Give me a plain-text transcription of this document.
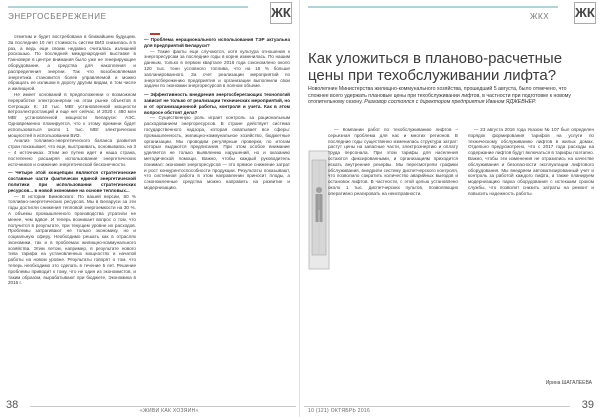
ЭНЕРГОСБЕРЕЖЕНИЕ	ЖК

отметим и будет востребована в ближайшем будущем. За последние 10 лет стоимость систем ВИЗ снизилась в 5 раз, а ведь еще своим недавно считалась излишней роскошью. По последней международной выставке в Ганновере в центре внимания было уже не генерирующее оборудование, а средства для накопления и распределения энергии. Так что возобновляемая энергетика становится более управляемой и можно обращать ее излишки в дорогу другим видам, в том числе и жилищной.

Не имеет оснований в предположении о возможном переработке электроэнергии на этом рынке объектов в Сетрощах К: 10 тыс. МВт установленной мощности ветроэлектростанций и еще нет сейчас. И 2020 г. 480 млн МВт установленной мощности Беларуси: АЭС. Одновременно планируется, что к этому времени будет использоваться около 1 тыс. МВт электрических мощностей в использовании ВИЗ.

Анализ топливно-энергетического баланса развития стран показывает, что еще, выстраивать, основываясь на 3 – 4 источниках. Этим же путем идет и наша страна, постепенно расширяя использование энергетических источников и снижение энергетической бесконечности.

— Четыре этой концепции являются стратегические составные части фактически единой энергетической политики при использовании стратегических ресурсов... в новой экономике на основе тепловых...

— В истории Бимовского: По вашей версии, 80 % топливно-энергетических ресурсов. Мы в Беларуси за эти годы достигли снижения тепловой энергоемкости на 30 %. А объемы промышленного производства утратили не менее, чем вдвое. И теперь возникает вопрос о том, что получится в результате, при текущем уровне их расходов. Проблемы затрагивают не только экономику, но и социальную сферу. Необходимо решать как в отраслях экономики, так и в проблемах жилищно-коммунального хозяйства. Этим летом, например, в результате нового типа тарифа на установленных мощностях и начатой работы на новом уровне. Результаты говорят о том, что теперь необходимо это сделать в течение 5 лет. Решение проблемы приводит к тому, что не один из экономистов, и таким образом, вырабатывают при бюджете, Экономика в 2016 г.

— Проблема нерационального использования ТЭР актуальна для предприятий Беларуси?

— Такие факты еще случаются, хотя культура отношения к энергоресурсам за последние годы в корне изменилась. По нашим данным, только в первом квартале 2016 года сэкономлено около 120 тыс. тонн условного топлива, что на 16 % больше запланированного. За счет реализации мероприятий по энергосбережению предприятия и организации выполнили свои задачи по экономии энергоресурсов в полном объеме.

— Эффективность внедрения энергосберегающих технологий зависит не только от реализации технических мероприятий, но и от организационной работы, контроля и учета. Как в этом вопросе обстоят дела?

— Существенную роль играет контроль за рациональным расходованием энергоресурсов. В стране действует система государственного надзора, которая охватывает все сферы: промышленность, жилищно-коммунальное хозяйство, бюджетные организации. Мы проводим регулярные проверки, по итогам которых выдаются предписания. При этом особое внимание уделяется не только выявлению нарушений, но и оказанию методической помощи. Важно, чтобы каждый руководитель понимал: экономия энергоресурсов — это прямое снижение затрат и рост конкурентоспособности продукции. Результаты показывают, что системная работа в этом направлении приносит плоды, а сэкономленные средства можно направить на развитие и модернизацию.

38	«ЖИВИ КАК ХОЗЯИН»
ЖКХ ЖК
Как уложиться в планово-расчетные цены при техобслуживании лифта?
Новолепнин Министерства жилищно-коммунального хозяйства, прошедший 5 августа, было отмечено, что сложнее всего удержать плановые цены при техобслуживании лифтов, в частности при подготовке к новому отопительному сезону. Разговор состоялся с директором предприятия Иваном ЯДЖЕВНЕР.

— Компании работ по техобслуживанию лифтов – серьезная проблема для нас и многих регионов. В последние годы существенно изменилась структура затрат: растут цены на запасные части, электроэнергию и оплату труда персонала. При этом тарифы для населения остаются фиксированными, и организациям приходится искать внутренние резервы. Мы пересмотрели графики обслуживания, внедрили систему диспетчерского контроля, что позволило сократить количество аварийных выездов и остановок лифтов. В частности, с этой целью установлено около 1 тыс. диспетчерских пультов, позволяющих оперативно реагировать на неисправности.

— 23 августа 2016 года Указом № 107 был определен порядок формирования тарифов на услуги по техническому обслуживанию лифтов в жилых домах. Отдельно предусмотрено, что с 2017 года расходы на содержание лифтов будут включаться в тарифы поэтапно. Важно, чтобы эти изменения не отразились на качестве обслуживания и безопасности эксплуатации лифтового оборудования. Мы внедряем автоматизированный учет и контроль за работой каждого лифта, а также планируем модернизацию парка оборудования с истекшим сроком службы, что позволит снизить затраты на ремонт и повысить надежность работы.

Ирина ШАГАЛЕЕВА
10 (121) ОКТЯБРЬ 2016	39
